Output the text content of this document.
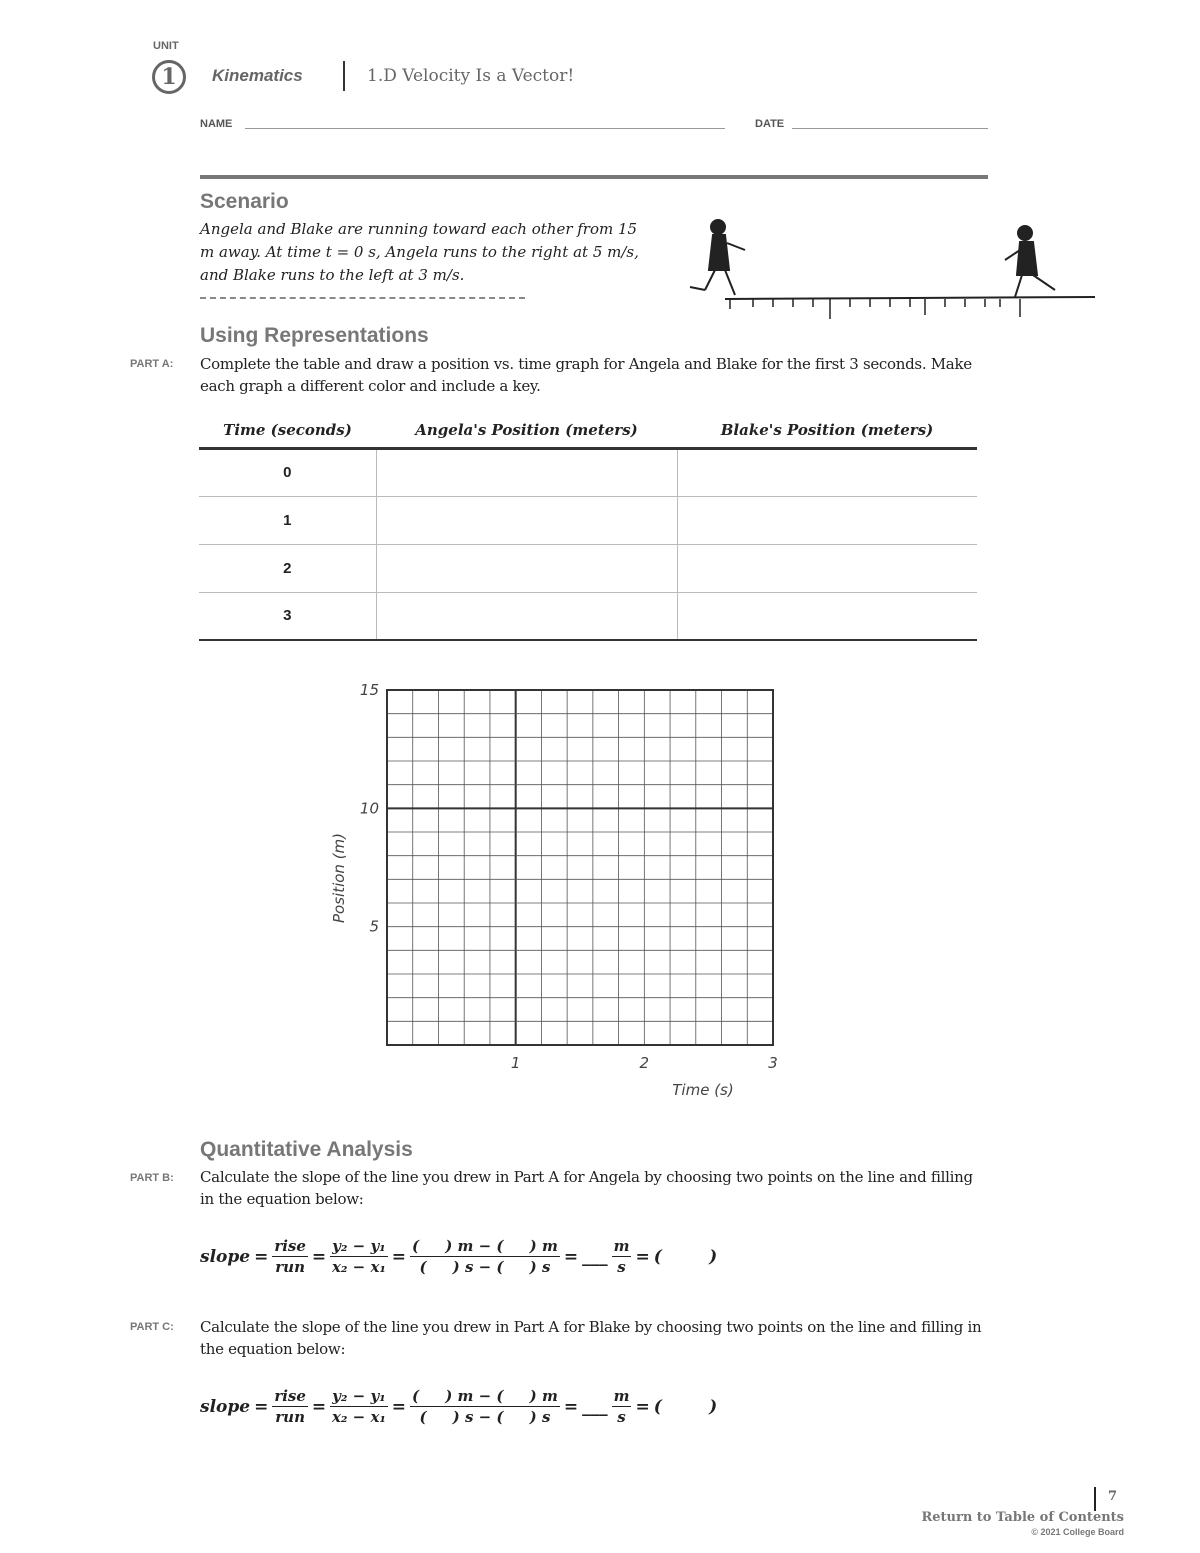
UNIT
1	Kinematics	1.D Velocity Is a Vector!
NAME	DATE
Scenario
Angela and Blake are running toward each other from 15 m away. At time t = 0 s, Angela runs to the right at 5 m/s, and Blake runs to the left at 3 m/s.
Using Representations
PART A: Complete the table and draw a position vs. time graph for Angela and Blake for the first 3 seconds. Make each graph a different color and include a key.
Time (seconds)	Angela's Position (meters)	Blake's Position (meters)
0		
1		
2		
3		
1	2	3
5
10
15
Time (s)
Position (m)
Quantitative Analysis
PART B: Calculate the slope of the line you drew in Part A for Angela by choosing two points on the line and filling in the equation below:
slope = $\frac{\text{rise}}{\text{run}} = \frac{\text{y₂ − y₁}}{\text{x₂ − x₁}} = \frac{( ) m - ( ) m}{( ) s - ( ) s}$ = ___ $\frac{m}{s}$ = (        )
PART C: Calculate the slope of the line you drew in Part A for Blake by choosing two points on the line and filling in the equation below:
slope = $\frac{\text{rise}}{\text{run}} = \frac{\text{y₂ − y₁}}{\text{x₂ − x₁}} = \frac{( ) m - ( ) m}{( ) s - ( ) s}$ = ___ $\frac{m}{s}$ = (        )
7
Return to Table of Contents
© 2021 College Board
